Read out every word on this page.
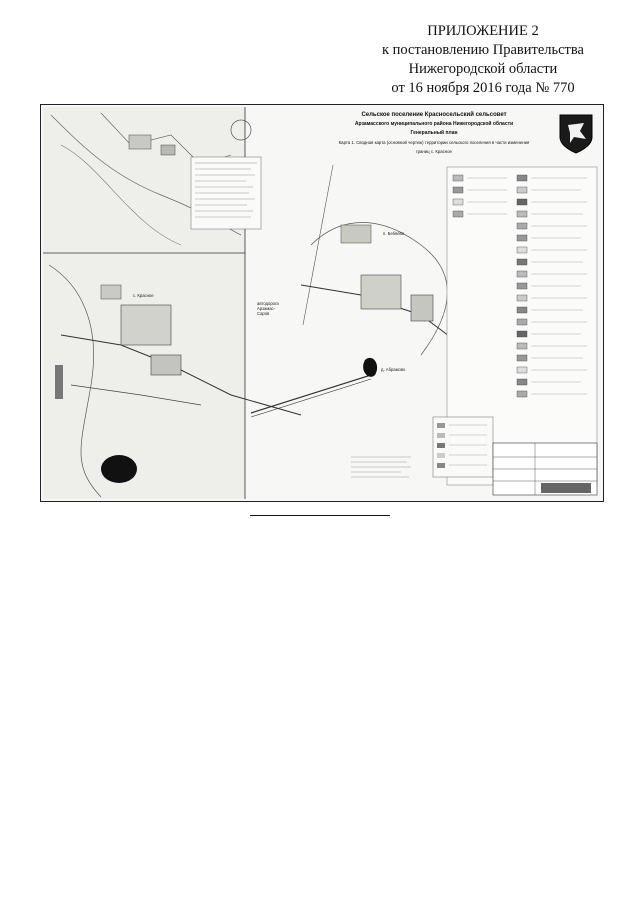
ПРИЛОЖЕНИЕ 2
к постановлению Правительства
Нижегородской области
от 16 ноября 2016 года № 770
Сельское поселение Красносельский сельсовет
Арзамасского муниципального района Нижегородской области
Генеральный план
Карта 1. Сводная карта (основной чертеж) территории сельского поселения в части изменения границ с. Красное
с. Красное
п. Бебяево
д. Абрамово
автодорога Арзамас-Саров
